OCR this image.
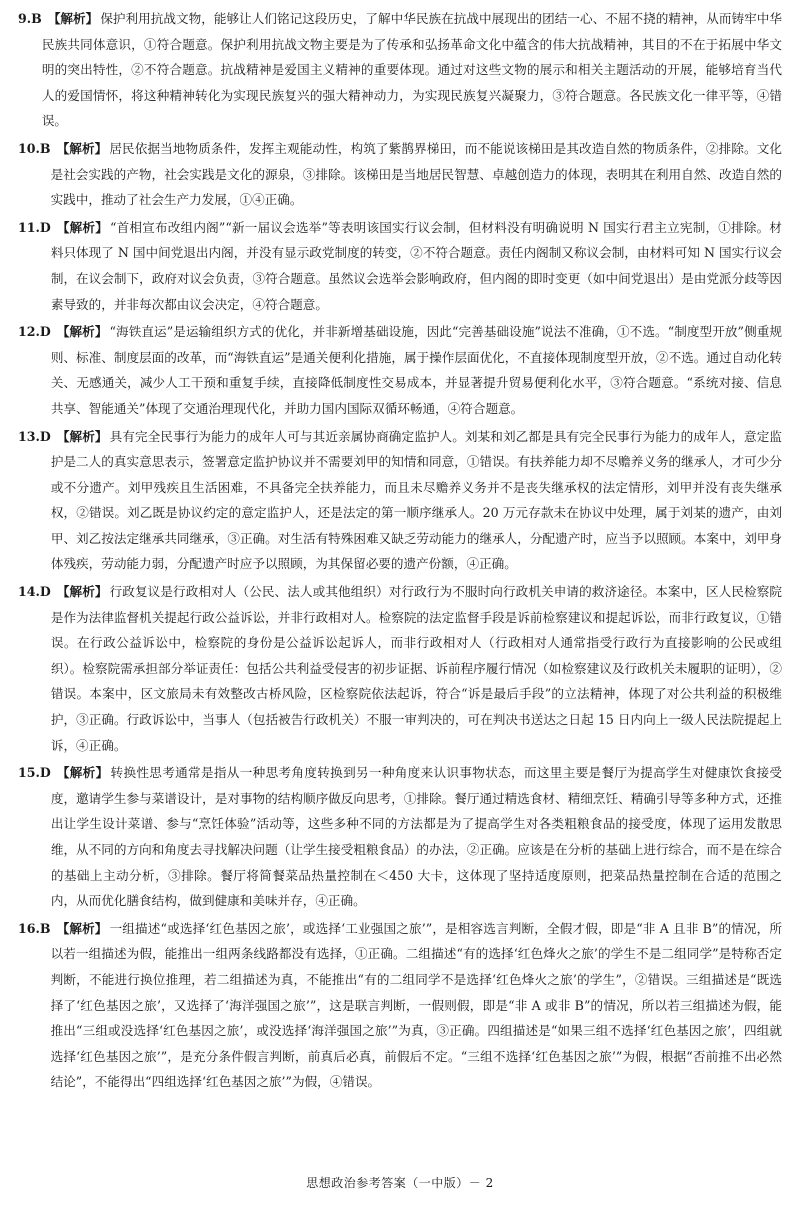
9.B 【解析】 保护利用抗战文物，能够让人们铭记这段历史，了解中华民族在抗战中展现出的团结一心、不屈不挠的精神，从而铸牢中华民族共同体意识，①符合题意。保护利用抗战文物主要是为了传承和弘扬革命文化中蕴含的伟大抗战精神，其目的不在于拓展中华文明的突出特性，②不符合题意。抗战精神是爱国主义精神的重要体现。通过对这些文物的展示和相关主题活动的开展，能够培育当代人的爱国情怀，将这种精神转化为实现民族复兴的强大精神动力，为实现民族复兴凝聚力，③符合题意。各民族文化一律平等，④错误。

10.B 【解析】 居民依据当地物质条件，发挥主观能动性，构筑了紫鹊界梯田，而不能说该梯田是其改造自然的物质条件，②排除。文化是社会实践的产物，社会实践是文化的源泉，③排除。该梯田是当地居民智慧、卓越创造力的体现，表明其在利用自然、改造自然的实践中，推动了社会生产力发展，①④正确。

11.D 【解析】 “首相宣布改组内阁”“新一届议会选举”等表明该国实行议会制，但材料没有明确说明 N 国实行君主立宪制，①排除。材料只体现了 N 国中间党退出内阁，并没有显示政党制度的转变，②不符合题意。责任内阁制又称议会制，由材料可知 N 国实行议会制，在议会制下，政府对议会负责，③符合题意。虽然议会选举会影响政府，但内阁的即时变更（如中间党退出）是由党派分歧等因素导致的，并非每次都由议会决定，④符合题意。

12.D 【解析】 “海铁直运”是运输组织方式的优化，并非新增基础设施，因此“完善基础设施”说法不准确，①不选。“制度型开放”侧重规则、标准、制度层面的改革，而“海铁直运”是通关便利化措施，属于操作层面优化，不直接体现制度型开放，②不选。通过自动化转关、无感通关，减少人工干预和重复手续，直接降低制度性交易成本，并显著提升贸易便利化水平，③符合题意。“系统对接、信息共享、智能通关”体现了交通治理现代化，并助力国内国际双循环畅通，④符合题意。

13.D 【解析】 具有完全民事行为能力的成年人可与其近亲属协商确定监护人。刘某和刘乙都是具有完全民事行为能力的成年人，意定监护是二人的真实意思表示，签署意定监护协议并不需要刘甲的知情和同意，①错误。有扶养能力却不尽赡养义务的继承人，才可少分或不分遗产。刘甲残疾且生活困难，不具备完全扶养能力，而且未尽赡养义务并不是丧失继承权的法定情形，刘甲并没有丧失继承权，②错误。刘乙既是协议约定的意定监护人，还是法定的第一顺序继承人。20 万元存款未在协议中处理，属于刘某的遗产，由刘甲、刘乙按法定继承共同继承，③正确。对生活有特殊困难又缺乏劳动能力的继承人，分配遗产时，应当予以照顾。本案中，刘甲身体残疾，劳动能力弱，分配遗产时应予以照顾，为其保留必要的遗产份额，④正确。

14.D 【解析】 行政复议是行政相对人（公民、法人或其他组织）对行政行为不服时向行政机关申请的救济途径。本案中，区人民检察院是作为法律监督机关提起行政公益诉讼，并非行政相对人。检察院的法定监督手段是诉前检察建议和提起诉讼，而非行政复议，①错误。在行政公益诉讼中，检察院的身份是公益诉讼起诉人，而非行政相对人（行政相对人通常指受行政行为直接影响的公民或组织）。检察院需承担部分举证责任：包括公共利益受侵害的初步证据、诉前程序履行情况（如检察建议及行政机关未履职的证明），②错误。本案中，区文旅局未有效整改古桥风险，区检察院依法起诉，符合“诉是最后手段”的立法精神，体现了对公共利益的积极维护，③正确。行政诉讼中，当事人（包括被告行政机关）不服一审判决的，可在判决书送达之日起 15 日内向上一级人民法院提起上诉，④正确。

15.D 【解析】 转换性思考通常是指从一种思考角度转换到另一种角度来认识事物状态，而这里主要是餐厅为提高学生对健康饮食接受度，邀请学生参与菜谱设计，是对事物的结构顺序做反向思考，①排除。餐厅通过精选食材、精细烹饪、精确引导等多种方式，还推出让学生设计菜谱、参与“烹饪体验”活动等，这些多种不同的方法都是为了提高学生对各类粗粮食品的接受度，体现了运用发散思维，从不同的方向和角度去寻找解决问题（让学生接受粗粮食品）的办法，②正确。应该是在分析的基础上进行综合，而不是在综合的基础上主动分析，③排除。餐厅将简餐菜品热量控制在＜450 大卡，这体现了坚持适度原则，把菜品热量控制在合适的范围之内，从而优化膳食结构，做到健康和美味并存，④正确。

16.B 【解析】 一组描述“或选择‘红色基因之旅’，或选择‘工业强国之旅’”，是相容选言判断，全假才假，即是“非 A 且非 B”的情况，所以若一组描述为假，能推出一组两条线路都没有选择，①正确。二组描述“有的选择‘红色烽火之旅’的学生不是二组同学”是特称否定判断，不能进行换位推理，若二组描述为真，不能推出“有的二组同学不是选择‘红色烽火之旅’的学生”，②错误。三组描述是“既选择了‘红色基因之旅’，又选择了‘海洋强国之旅’”，这是联言判断，一假则假，即是“非 A 或非 B”的情况，所以若三组描述为假，能推出“三组或没选择‘红色基因之旅’，或没选择‘海洋强国之旅’”为真，③正确。四组描述是“如果三组不选择‘红色基因之旅’，四组就选择‘红色基因之旅’”，是充分条件假言判断，前真后必真，前假后不定。“三组不选择‘红色基因之旅’”为假，根据“否前推不出必然结论”，不能得出“四组选择‘红色基因之旅’”为假，④错误。

思想政治参考答案（一中版）－ 2
